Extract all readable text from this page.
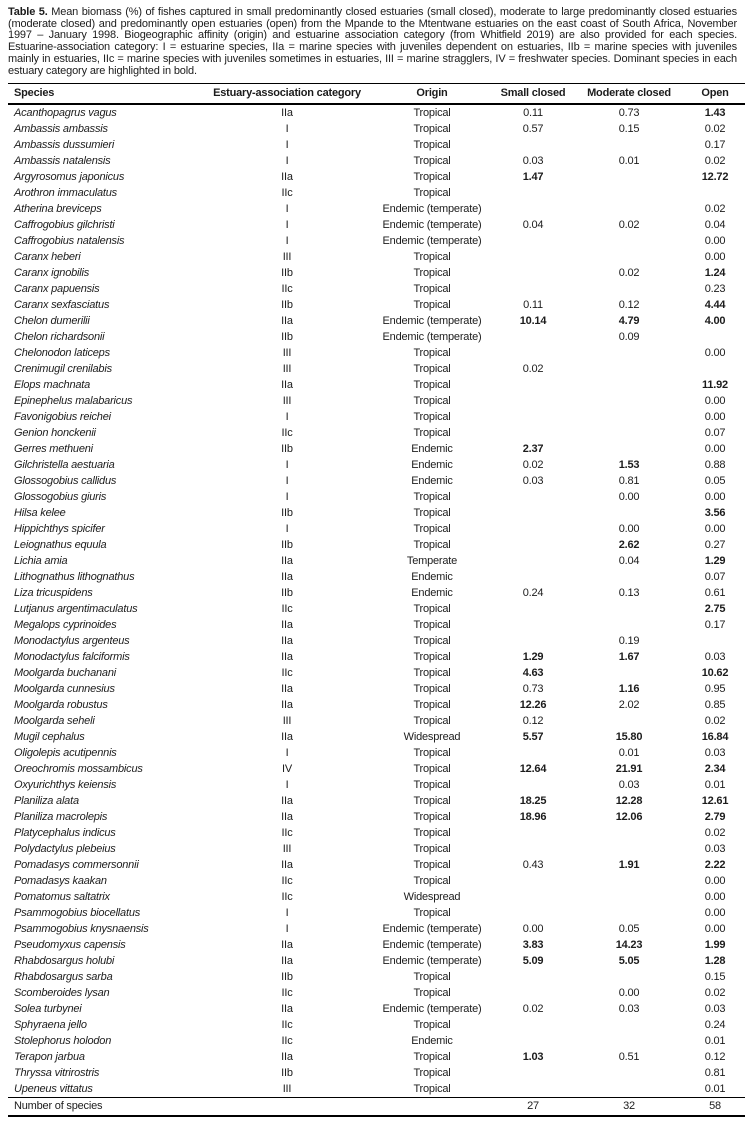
Table 5. Mean biomass (%) of fishes captured in small predominantly closed estuaries (small closed), moderate to large predominantly closed estuaries (moderate closed) and predominantly open estuaries (open) from the Mpande to the Mtentwane estuaries on the east coast of South Africa, November 1997 – January 1998. Biogeographic affinity (origin) and estuarine association category (from Whitfield 2019) are also provided for each species. Estuarine-association category: I = estuarine species, IIa = marine species with juveniles dependent on estuaries, IIb = marine species with juveniles mainly in estuaries, IIc = marine species with juveniles sometimes in estuaries, III = marine stragglers, IV = freshwater species. Dominant species in each estuary category are highlighted in bold.

Species	Estuary-association category	Origin	Small closed	Moderate closed	Open
Acanthopagrus vagus	IIa	Tropical	0.11	0.73	1.43
Ambassis ambassis	I	Tropical	0.57	0.15	0.02
Ambassis dussumieri	I	Tropical			0.17
Ambassis natalensis	I	Tropical	0.03	0.01	0.02
Argyrosomus japonicus	IIa	Tropical	1.47		12.72
Arothron immaculatus	IIc	Tropical			
Atherina breviceps	I	Endemic (temperate)			0.02
Caffrogobius gilchristi	I	Endemic (temperate)	0.04	0.02	0.04
Caffrogobius natalensis	I	Endemic (temperate)			0.00
Caranx heberi	III	Tropical			0.00
Caranx ignobilis	IIb	Tropical		0.02	1.24
Caranx papuensis	IIc	Tropical			0.23
Caranx sexfasciatus	IIb	Tropical	0.11	0.12	4.44
Chelon dumerilii	IIa	Endemic (temperate)	10.14	4.79	4.00
Chelon richardsonii	IIb	Endemic (temperate)		0.09	
Chelonodon laticeps	III	Tropical			0.00
Crenimugil crenilabis	III	Tropical	0.02		
Elops machnata	IIa	Tropical			11.92
Epinephelus malabaricus	III	Tropical			0.00
Favonigobius reichei	I	Tropical			0.00
Genion honckenii	IIc	Tropical			0.07
Gerres methueni	IIb	Endemic	2.37		0.00
Gilchristella aestuaria	I	Endemic	0.02	1.53	0.88
Glossogobius callidus	I	Endemic	0.03	0.81	0.05
Glossogobius giuris	I	Tropical		0.00	0.00
Hilsa kelee	IIb	Tropical			3.56
Hippichthys spicifer	I	Tropical		0.00	0.00
Leiognathus equula	IIb	Tropical		2.62	0.27
Lichia amia	IIa	Temperate		0.04	1.29
Lithognathus lithognathus	IIa	Endemic			0.07
Liza tricuspidens	IIb	Endemic	0.24	0.13	0.61
Lutjanus argentimaculatus	IIc	Tropical			2.75
Megalops cyprinoides	IIa	Tropical			0.17
Monodactylus argenteus	IIa	Tropical		0.19	
Monodactylus falciformis	IIa	Tropical	1.29	1.67	0.03
Moolgarda buchanani	IIc	Tropical	4.63		10.62
Moolgarda cunnesius	IIa	Tropical	0.73	1.16	0.95
Moolgarda robustus	IIa	Tropical	12.26	2.02	0.85
Moolgarda seheli	III	Tropical	0.12		0.02
Mugil cephalus	IIa	Widespread	5.57	15.80	16.84
Oligolepis acutipennis	I	Tropical		0.01	0.03
Oreochromis mossambicus	IV	Tropical	12.64	21.91	2.34
Oxyurichthys keiensis	I	Tropical		0.03	0.01
Planiliza alata	IIa	Tropical	18.25	12.28	12.61
Planiliza macrolepis	IIa	Tropical	18.96	12.06	2.79
Platycephalus indicus	IIc	Tropical			0.02
Polydactylus plebeius	III	Tropical			0.03
Pomadasys commersonnii	IIa	Tropical	0.43	1.91	2.22
Pomadasys kaakan	IIc	Tropical			0.00
Pomatomus saltatrix	IIc	Widespread			0.00
Psammogobius biocellatus	I	Tropical			0.00
Psammogobius knysnaensis	I	Endemic (temperate)	0.00	0.05	0.00
Pseudomyxus capensis	IIa	Endemic (temperate)	3.83	14.23	1.99
Rhabdosargus holubi	IIa	Endemic (temperate)	5.09	5.05	1.28
Rhabdosargus sarba	IIb	Tropical			0.15
Scomberoides lysan	IIc	Tropical		0.00	0.02
Solea turbynei	IIa	Endemic (temperate)	0.02	0.03	0.03
Sphyraena jello	IIc	Tropical			0.24
Stolephorus holodon	IIc	Endemic			0.01
Terapon jarbua	IIa	Tropical	1.03	0.51	0.12
Thryssa vitrirostris	IIb	Tropical			0.81
Upeneus vittatus	III	Tropical			0.01
Number of species			27	32	58
